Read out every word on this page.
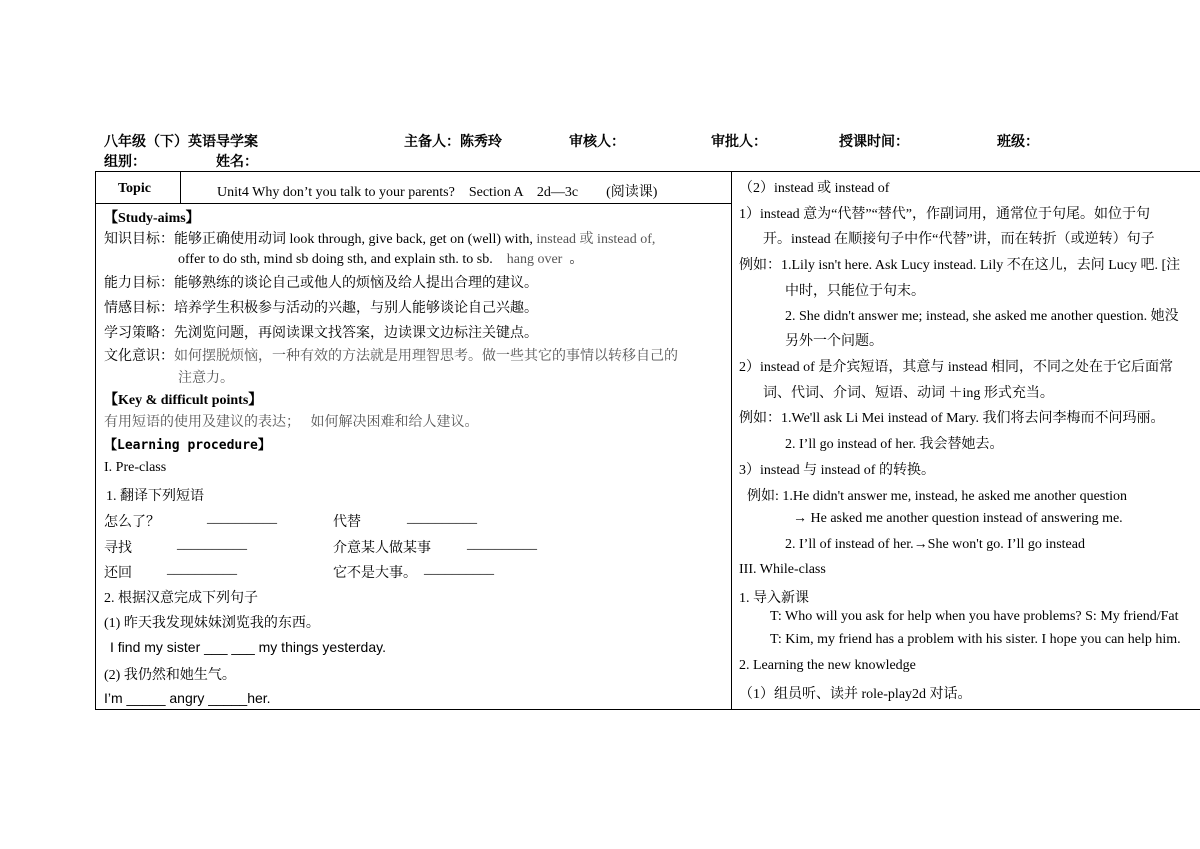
八年级（下）英语导学案	主备人：陈秀玲	审核人：	审批人：	授课时间：	班级：
组别：	姓名：
Topic	Unit4 Why don’t you talk to your parents?    Section A    2d—3c        (阅读课)
【Study-aims】
知识目标：能够正确使用动词 look through, give back, get on (well) with, instead 或 instead of,
offer to do sth, mind sb doing sth, and explain sth. to sb. hang over 。
能力目标：能够熟练的谈论自己或他人的烦恼及给人提出合理的建议。
情感目标：培养学生积极参与活动的兴趣，与别人能够谈论自己兴趣。
学习策略：先浏览问题，再阅读课文找答案，边读课文边标注关键点。
文化意识：如何摆脱烦恼，一种有效的方法就是用理智思考。做一些其它的事情以转移自己的
注意力。
【Key & difficult points】
有用短语的使用及建议的表达；   如何解决困难和给人建议。
【Learning procedure】
I. Pre-class
1. 翻译下列短语
怎么了？	__________	代替	__________
寻找	__________	介意某人做某事	__________
还回	__________	它不是大事。 __________
2. 根据汉意完成下列句子
(1) 昨天我发现妹妹浏览我的东西。
I find my sister ___ ___ my things yesterday.
(2) 我仍然和她生气。
I’m _____ angry _____her.
（2）instead 或 instead of
1）instead 意为“代替”“替代”，作副词用，通常位于句尾。如位于句
开。instead 在顺接句子中作“代替”讲，而在转折（或逆转）句子
例如：1.Lily isn't here. Ask Lucy instead. Lily 不在这儿，去问 Lucy 吧. [注
中时，只能位于句末。
2. She didn't answer me; instead, she asked me another question. 她没
另外一个问题。
2）instead of 是介宾短语，其意与 instead 相同，不同之处在于它后面常
词、代词、介词、短语、动词 ＋ing 形式充当。
例如：1.We'll ask Li Mei instead of Mary. 我们将去问李梅而不问玛丽。
2. I’ll go instead of her. 我会替她去。
3）instead 与 instead of 的转换。
例如: 1.He didn't answer me, instead, he asked me another question
→ He asked me another question instead of answering me.
2. I’ll of instead of her.→She won't go. I’ll go instead
III. While-class
1. 导入新课
T: Who will you ask for help when you have problems? S: My friend/Fat
T: Kim, my friend has a problem with his sister. I hope you can help him.
2. Learning the new knowledge
（1）组员听、读并 role-play2d 对话。
